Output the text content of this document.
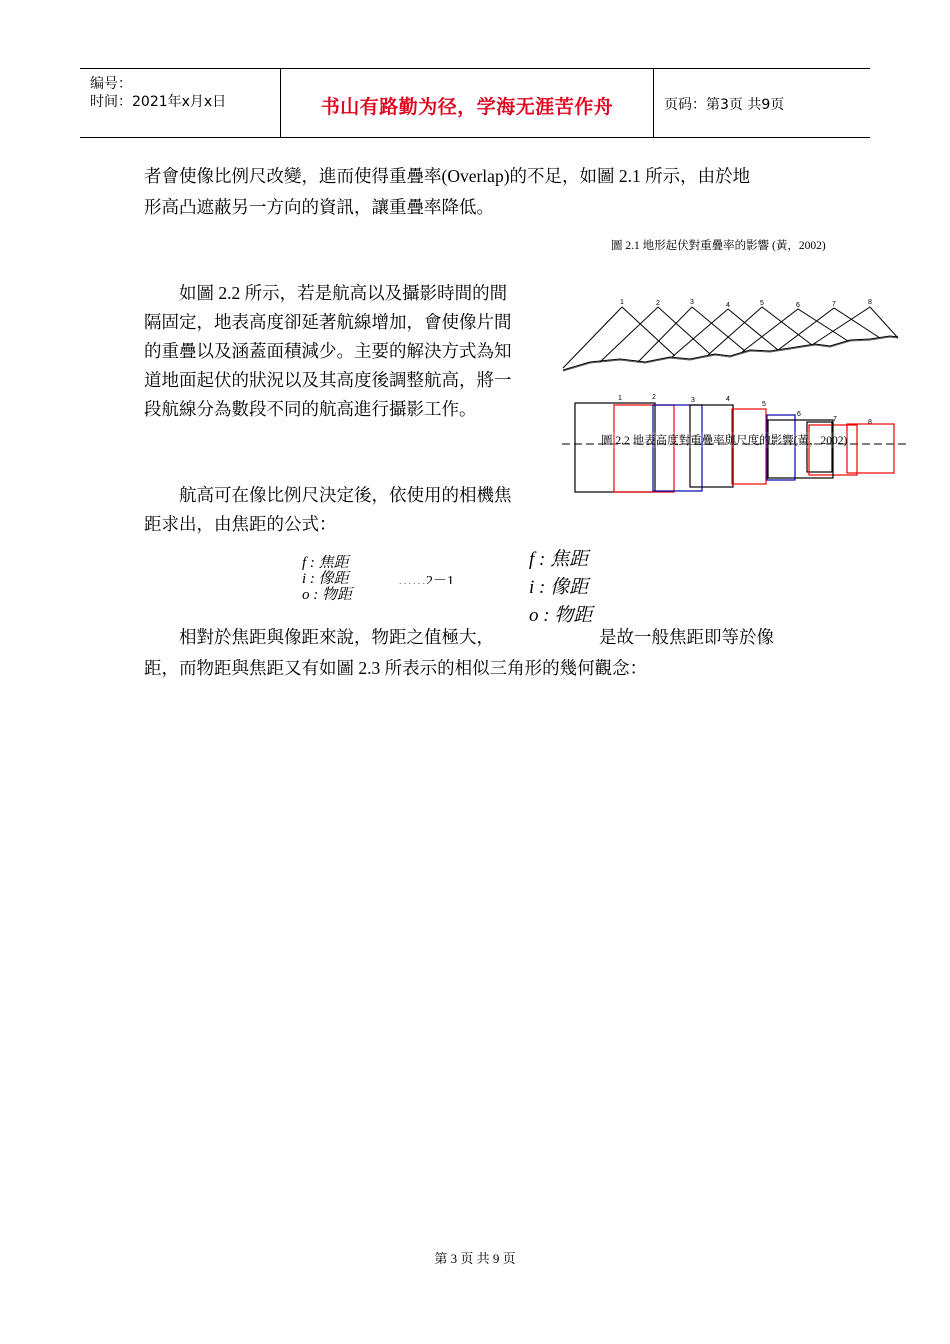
编号：
时间：2021年x月x日	书山有路勤为径，学海无涯苦作舟	页码：第3页 共9页
者會使像比例尺改變，進而使得重疊率(Overlap)的不足，如圖 2.1 所示，由於地
形高凸遮蔽另一方向的資訊，讓重疊率降低。
圖 2.1 地形起伏對重疊率的影響 (黃，2002)
　　如圖 2.2 所示，若是航高以及攝影時間的間
隔固定，地表高度卻延著航線增加，會使像片間
的重疊以及涵蓋面積減少。主要的解決方式為知
道地面起伏的狀況以及其高度後調整航高，將一
段航線分為數段不同的航高進行攝影工作。
1	2	3	4	5	6	7	8
1	2	3	4
5
6
7	8
圖 2.2 地表高度對重疊率與尺度的影響(黃，2002)
　　航高可在像比例尺決定後，依使用的相機焦
距求出，由焦距的公式：
f : 焦距
i : 像距
o : 物距
……2－1
f : 焦距
i : 像距
o : 物距
　　相對於焦距與像距來說，物距之值極大，	是故一般焦距即等於像
距，而物距與焦距又有如圖 2.3 所表示的相似三角形的幾何觀念：
第 3 页 共 9 页
